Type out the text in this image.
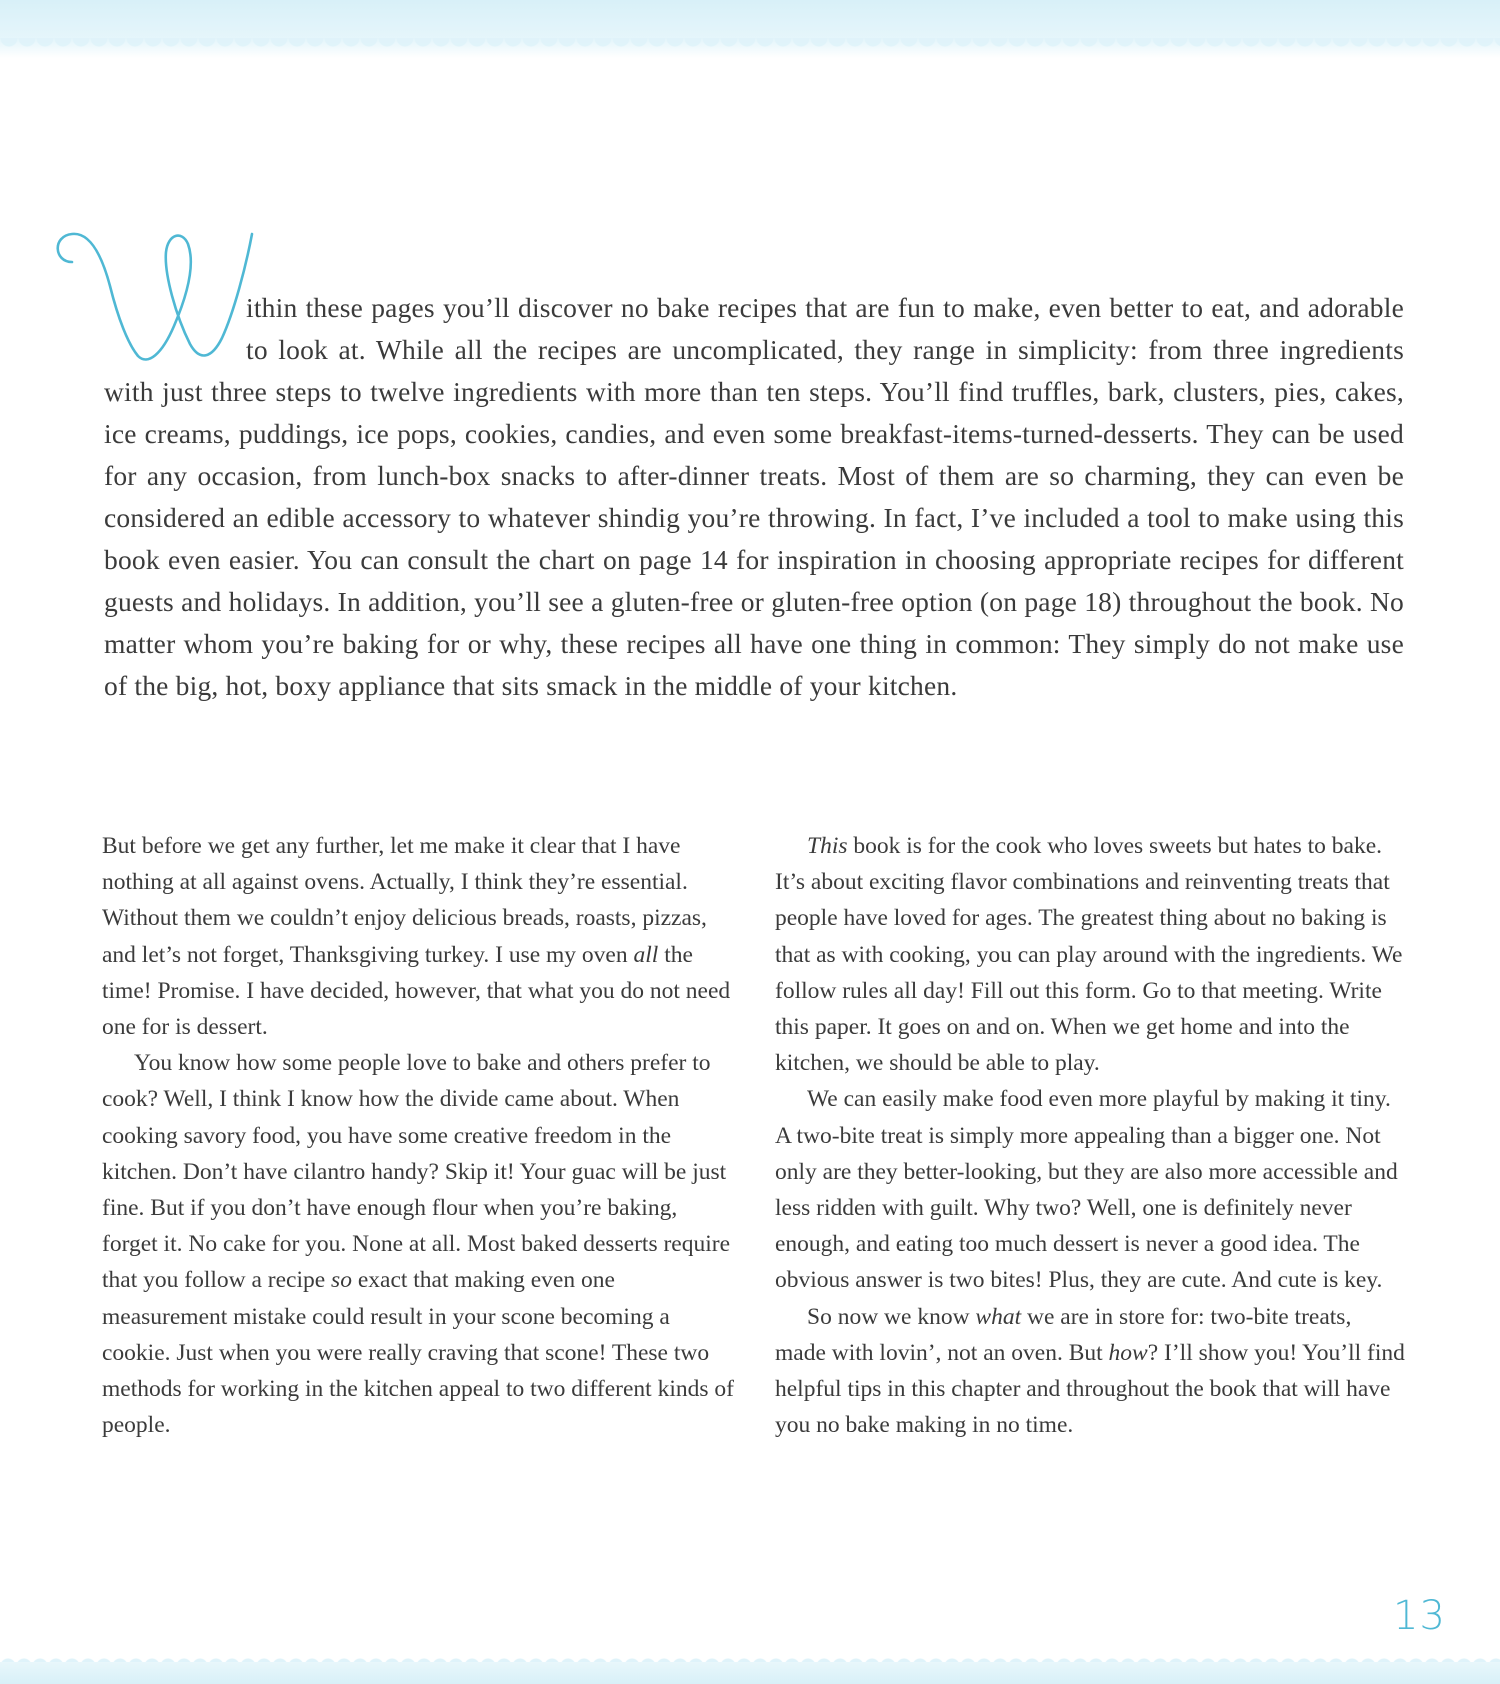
ithin these pages you’ll discover no bake recipes that are fun to make, even better to eat, and adorable to look at. While all the recipes are uncomplicated, they range in simplicity: from three ingredients with just three steps to twelve ingredients with more than ten steps. You’ll find truffles, bark, clusters, pies, cakes, ice creams, puddings, ice pops, cookies, candies, and even some breakfast-items-turned-desserts. They can be used for any occasion, from lunch-box snacks to after-dinner treats. Most of them are so charming, they can even be considered an edible accessory to whatever shindig you’re throwing. In fact, I’ve included a tool to make using this book even easier. You can consult the chart on page 14 for inspiration in choosing appropriate recipes for different guests and holidays. In addition, you’ll see a gluten-free or gluten-free option (on page 18) throughout the book. No matter whom you’re baking for or why, these recipes all have one thing in common: They simply do not make use of the big, hot, boxy appliance that sits smack in the middle of your kitchen.

But before we get any further, let me make it clear that I have nothing at all against ovens. Actually, I think they’re essential. Without them we couldn’t enjoy delicious breads, roasts, pizzas, and let’s not forget, Thanksgiving turkey. I use my oven all the time! Promise. I have decided, however, that what you do not need one for is dessert.

You know how some people love to bake and others prefer to cook? Well, I think I know how the divide came about. When cooking savory food, you have some creative freedom in the kitchen. Don’t have cilantro handy? Skip it! Your guac will be just fine. But if you don’t have enough flour when you’re baking, forget it. No cake for you. None at all. Most baked desserts require that you follow a recipe so exact that making even one measurement mistake could result in your scone becoming a cookie. Just when you were really craving that scone! These two methods for working in the kitchen appeal to two different kinds of people.

This book is for the cook who loves sweets but hates to bake. It’s about exciting flavor combinations and reinventing treats that people have loved for ages. The greatest thing about no baking is that as with cooking, you can play around with the ingredients. We follow rules all day! Fill out this form. Go to that meeting. Write this paper. It goes on and on. When we get home and into the kitchen, we should be able to play.

We can easily make food even more playful by making it tiny. A two-bite treat is simply more appealing than a bigger one. Not only are they better-looking, but they are also more accessible and less ridden with guilt. Why two? Well, one is definitely never enough, and eating too much dessert is never a good idea. The obvious answer is two bites! Plus, they are cute. And cute is key.

So now we know what we are in store for: two-bite treats, made with lovin’, not an oven. But how? I’ll show you! You’ll find helpful tips in this chapter and throughout the book that will have you no bake making in no time.

13
